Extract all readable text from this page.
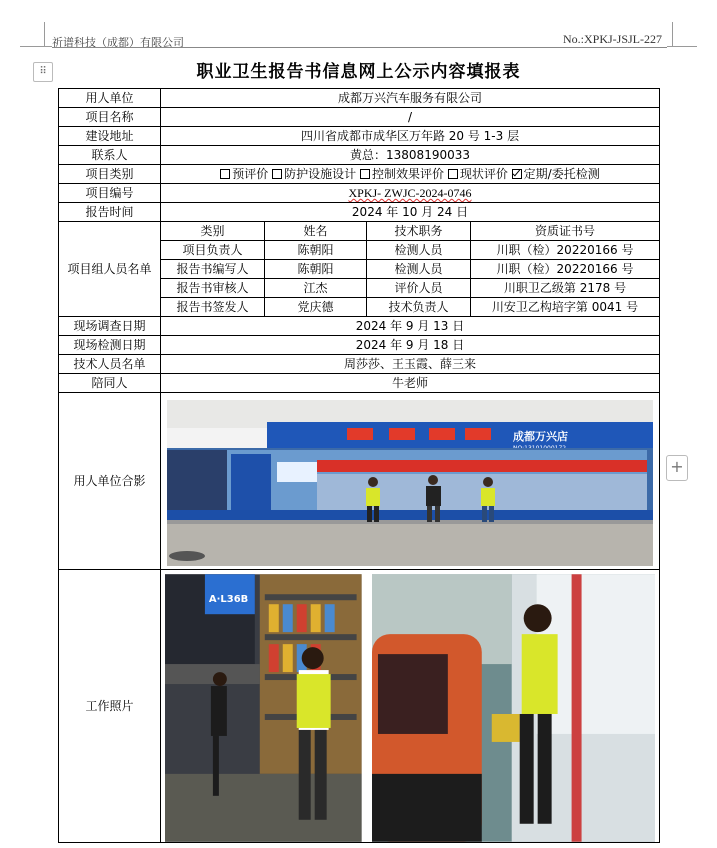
祈谱科技（成都）有限公司	No.:XPKJ-JSJL-227
⠿
+
职业卫生报告书信息网上公示内容填报表
用人单位	成都万兴汽车服务有限公司			
项目名称	/			
建设地址	四川省成都市成华区万年路 20 号 1-3 层			
联系人	黄总：13808190033			
项目类别	预评价 防护设施设计 控制效果评价 现状评价 定期/委托检测			
项目编号	XPKJ- ZWJC-2024-0746			
报告时间	2024 年 10 月 24 日			
项目组人员名单	类别	姓名	技术职务	资质证书号
	项目负责人	陈朝阳	检测人员	川职（检）20220166 号
	报告书编写人	陈朝阳	检测人员	川职（检）20220166 号
	报告书审核人	江杰	评价人员	川职卫乙级第 2178 号
	报告书签发人	党庆德	技术负责人	川安卫乙构培字第 0041 号
现场调查日期	2024 年 9 月 13 日			
现场检测日期	2024 年 9 月 18 日			
技术人员名单	周莎莎、王玉霞、薛三来			
陪同人	牛老师			
用人单位合影	成都万兴店			

工作照片	A·L36B			
